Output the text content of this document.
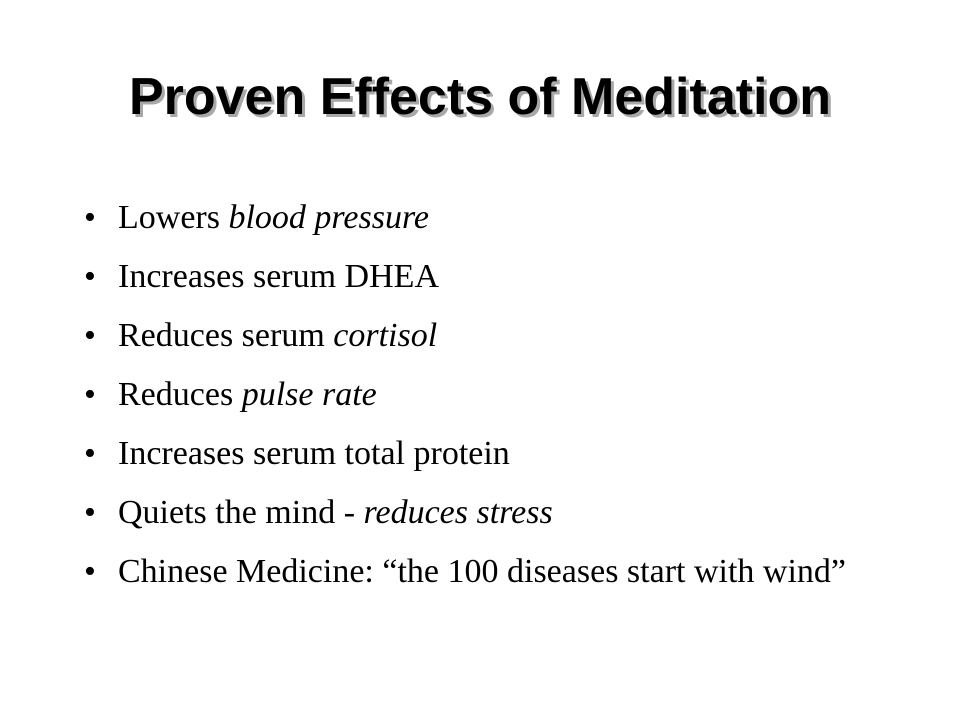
Proven Effects of Meditation
• Lowers blood pressure
• Increases serum DHEA
• Reduces serum cortisol
• Reduces pulse rate
• Increases serum total protein
• Quiets the mind - reduces stress
• Chinese Medicine: “the 100 diseases start with wind”
